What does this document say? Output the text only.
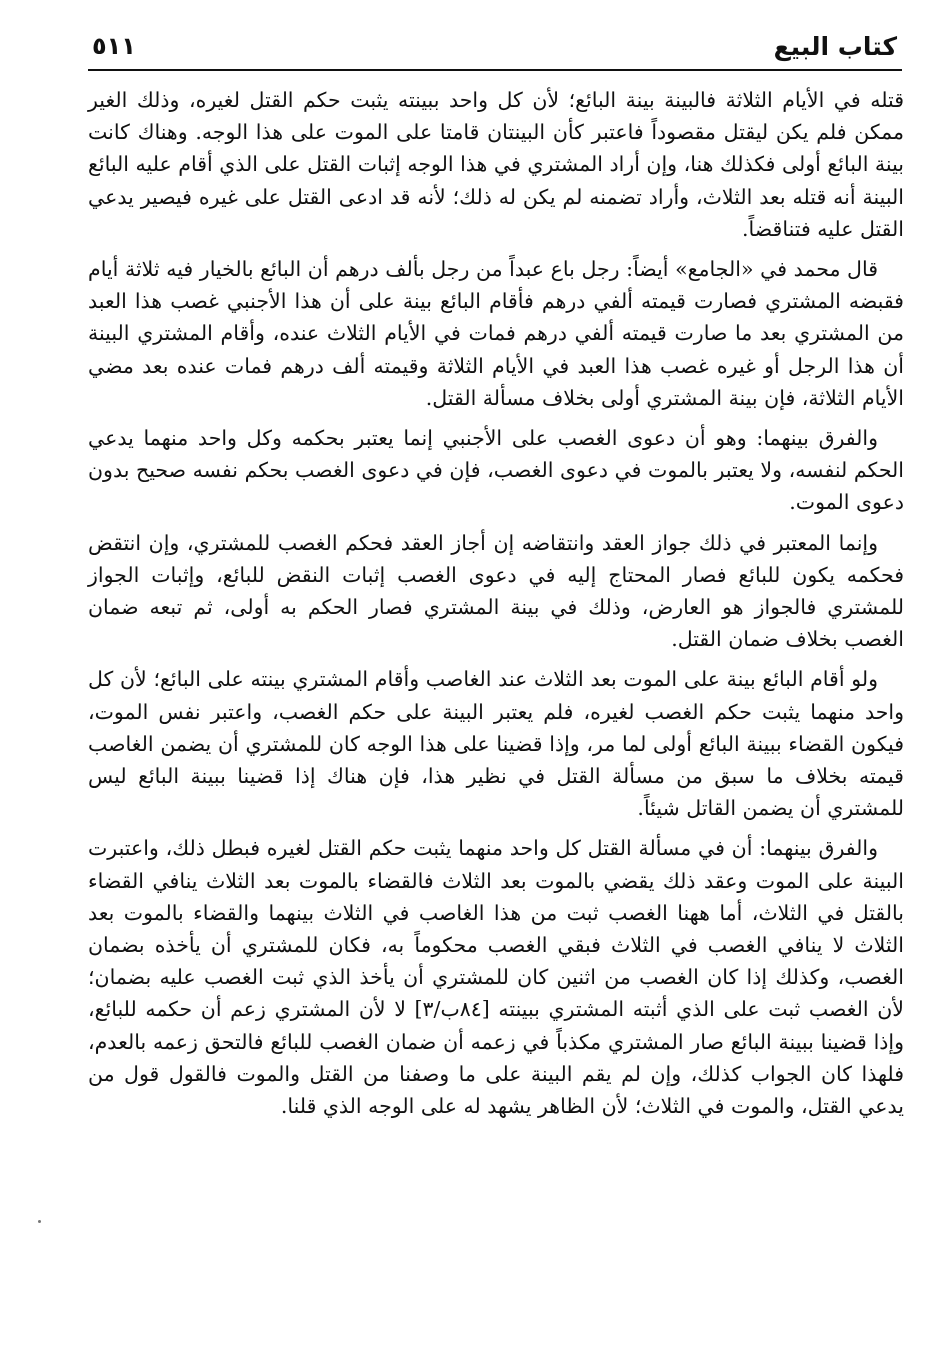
٥١١	كتاب البيع

قتله في الأيام الثلاثة فالبينة بينة البائع؛ لأن كل واحد ببينته يثبت حكم القتل لغيره، وذلك الغير ممكن فلم يكن ليقتل مقصوداً فاعتبر كأن البينتان قامتا على الموت على هذا الوجه. وهناك كانت بينة البائع أولى فكذلك هنا، وإن أراد المشتري في هذا الوجه إثبات القتل على الذي أقام عليه البائع البينة أنه قتله بعد الثلاث، وأراد تضمنه لم يكن له ذلك؛ لأنه قد ادعى القتل على غيره فيصير يدعي القتل عليه فتناقضاً.

قال محمد في «الجامع» أيضاً: رجل باع عبداً من رجل بألف درهم أن البائع بالخيار فيه ثلاثة أيام فقبضه المشتري فصارت قيمته ألفي درهم فأقام البائع بينة على أن هذا الأجنبي غصب هذا العبد من المشتري بعد ما صارت قيمته ألفي درهم فمات في الأيام الثلاث عنده، وأقام المشتري البينة أن هذا الرجل أو غيره غصب هذا العبد في الأيام الثلاثة وقيمته ألف درهم فمات عنده بعد مضي الأيام الثلاثة، فإن بينة المشتري أولى بخلاف مسألة القتل.

والفرق بينهما: وهو أن دعوى الغصب على الأجنبي إنما يعتبر بحكمه وكل واحد منهما يدعي الحكم لنفسه، ولا يعتبر بالموت في دعوى الغصب، فإن في دعوى الغصب بحكم نفسه صحيح بدون دعوى الموت.

وإنما المعتبر في ذلك جواز العقد وانتقاضه إن أجاز العقد فحكم الغصب للمشتري، وإن انتقض فحكمه يكون للبائع فصار المحتاج إليه في دعوى الغصب إثبات النقض للبائع، وإثبات الجواز للمشتري فالجواز هو العارض، وذلك في بينة المشتري فصار الحكم به أولى، ثم تبعه ضمان الغصب بخلاف ضمان القتل.

ولو أقام البائع بينة على الموت بعد الثلاث عند الغاصب وأقام المشتري بينته على البائع؛ لأن كل واحد منهما يثبت حكم الغصب لغيره، فلم يعتبر البينة على حكم الغصب، واعتبر نفس الموت، فيكون القضاء ببينة البائع أولى لما مر، وإذا قضينا على هذا الوجه كان للمشتري أن يضمن الغاصب قيمته بخلاف ما سبق من مسألة القتل في نظير هذا، فإن هناك إذا قضينا ببينة البائع ليس للمشتري أن يضمن القاتل شيئاً.

والفرق بينهما: أن في مسألة القتل كل واحد منهما يثبت حكم القتل لغيره فبطل ذلك، واعتبرت البينة على الموت وعقد ذلك يقضي بالموت بعد الثلاث فالقضاء بالموت بعد الثلاث ينافي القضاء بالقتل في الثلاث، أما ههنا الغصب ثبت من هذا الغاصب في الثلاث بينهما والقضاء بالموت بعد الثلاث لا ينافي الغصب في الثلاث فبقي الغصب محكوماً به، فكان للمشتري أن يأخذه بضمان الغصب، وكذلك إذا كان الغصب من اثنين كان للمشتري أن يأخذ الذي ثبت الغصب عليه بضمان؛ لأن الغصب ثبت على الذي أثبته المشتري ببينته [٨٤ب/٣] لا لأن المشتري زعم أن حكمه للبائع، وإذا قضينا ببينة البائع صار المشتري مكذباً في زعمه أن ضمان الغصب للبائع فالتحق زعمه بالعدم، فلهذا كان الجواب كذلك، وإن لم يقم البينة على ما وصفنا من القتل والموت فالقول قول من يدعي القتل، والموت في الثلاث؛ لأن الظاهر يشهد له على الوجه الذي قلنا.
